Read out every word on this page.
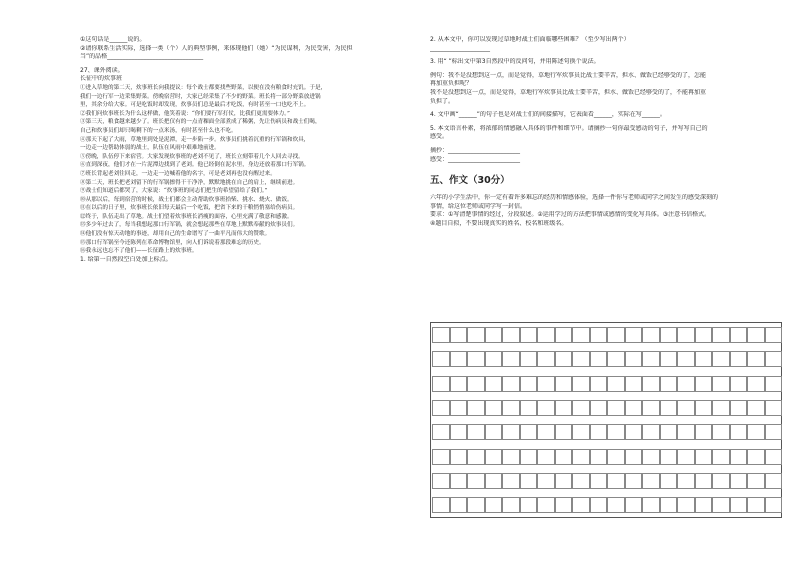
①这句话是______说的。
②请你联系生活实际，选择一类（个）人的典型事例，来体现他们（她）“为民谋利，为民受害，为民担
当”的品格________________________________
27、课外阅读。
长征中的炊事班
①进入草地的第二天，炊事班长向我提议：每个战士都要找些野菜，以便在没有粮食时充饥。于是，
我们一边行军一边采集野菜。傍晚宿营时，大家已经采集了不少的野菜。班长将一部分野菜放进锅
里，其余分给大家。可是吃饭时却发现，炊事员们总是最后才吃饭，有时甚至一口也吃不上。
②我们问炊事班长为什么这样做，他笑着说：“你们要行军打仗，比我们更需要体力。”
③第三天，粮食越来越少了。班长把仅有的一点青稞面全部煮成了稀粥，先让伤病员和战士们喝，
自己和炊事员们却只喝剩下的一点米汤，有时甚至什么也不吃。
④那天下起了大雨，草地里到处是泥潭，走一步陷一步。炊事员们挑着沉重的行军锅和炊具，
一边走一边帮助体弱的战士，队伍在风雨中艰难地前进。
⑤傍晚，队伍停下来宿营。大家发现炊事班的老刘不见了，班长立刻带着几个人回去寻找。
⑥直到深夜，他们才在一片泥潭边找到了老刘。他已经倒在泥水里，身边还放着那口行军锅。
⑦班长背起老刘往回走，一边走一边喊着他的名字，可是老刘再也没有醒过来。
⑧第二天，班长把老刘留下的行军锅擦得干干净净，默默地挑在自己的肩上，继续前进。
⑨战士们知道后都哭了，大家说：“炊事班的同志们把生的希望留给了我们。”
⑩从那以后，每到宿营的时候，战士们都会主动帮助炊事班拾柴、挑水、烧火、做饭。
⑪在以后的日子里，炊事班长依旧每天最后一个吃饭，把省下来的干粮悄悄塞给伤病员。
⑫终于，队伍走出了草地。战士们望着炊事班长消瘦的面容，心里充满了敬意和感激。
⑬多少年过去了，每当我想起那口行军锅，就会想起那些在草地上默默奉献的炊事员们。
⑭他们没有惊天动地的事迹，却用自己的生命谱写了一曲平凡而伟大的赞歌。
⑮那口行军锅至今还陈列在革命博物馆里，向人们诉说着那段难忘的历史。
⑯我永远也忘不了他们——长征路上的炊事班。
1. 给第一自然段空白处加上标点。
2. 从本文中，你可以发现过草地时战士们面临哪些困难？（至少写出两个）
____________________
3. 用“ ”标出文中第3自然段中的反问句，并用陈述句换个说法。
例句：我不是没想到这一点，而是觉得，草地行军炊事员比战士要辛苦，担水、做饭已经够受的了，怎能
再加重负担呢？
我不是没想到这一点，而是觉得，草地行军炊事员比战士要辛苦，担水、做饭已经够受的了，不能再加重
负担了。
4. 文中画“______”的句子也是对战士们的间接描写，它表面看______，实际在写______。
5. 本文语言朴素，将浓郁的情感融入具体的事件和细节中。请摘抄一句你最受感动的句子，并写写自己的
感受。
摘抄：________________________
感受：________________________
五、作文（30分）
六年的小学生活中，你一定有着许多难忘的经历和情感体验，选择一件你与老师或同学之间发生的感受深刻的
事情，给这位老师或同学写一封信。
要求：①写清楚事情的经过，分段叙述。②运用学过的方法把事情或感情的变化写具体。③注意书信格式。
④题目自拟，不要出现真实的姓名、校名和班级名。
